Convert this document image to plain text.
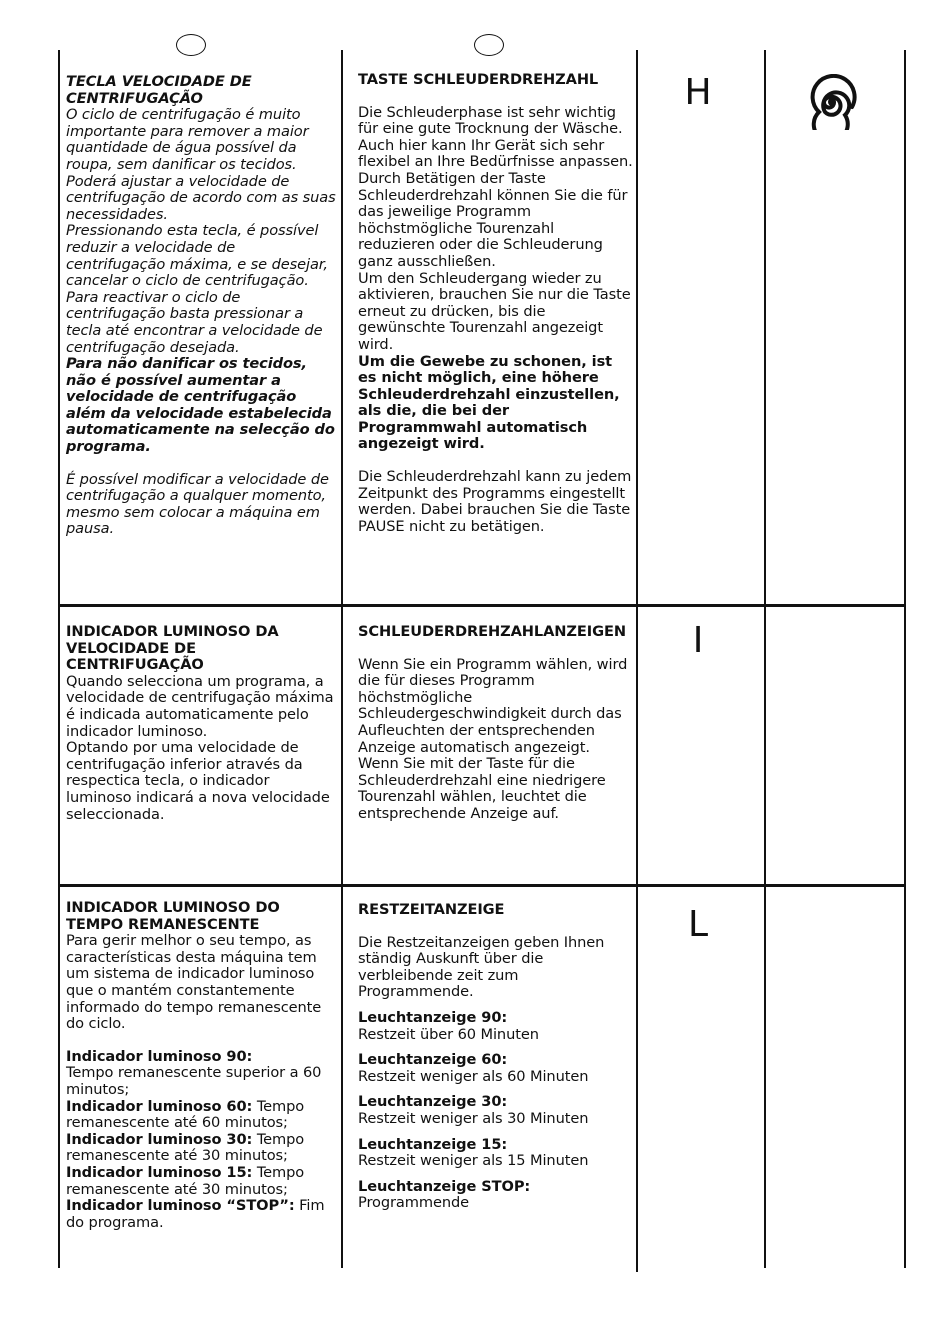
TECLA VELOCIDADE DE CENTRIFUGAÇÃO
O ciclo de centrifugação é muito importante para remover a maior quantidade de água possível da roupa, sem danificar os tecidos. Poderá ajustar a velocidade de centrifugação de acordo com as suas necessidades.
Pressionando esta tecla, é possível reduzir a velocidade de centrifugação máxima, e se desejar, cancelar o ciclo de centrifugação.
Para reactivar o ciclo de centrifugação basta pressionar a tecla até encontrar a velocidade de centrifugação desejada.
Para não danificar os tecidos, não é possível aumentar a velocidade de centrifugação além da velocidade estabelecida automaticamente na selecção do programa.
É possível modificar a velocidade de centrifugação a qualquer momento, mesmo sem colocar a máquina em pausa.
TASTE SCHLEUDERDREHZAHL
Die Schleuderphase ist sehr wichtig für eine gute Trocknung der Wäsche. Auch hier kann Ihr Gerät sich sehr flexibel an Ihre Bedürfnisse anpassen.
Durch Betätigen der Taste Schleuderdrehzahl können Sie die für das jeweilige Programm höchstmögliche Tourenzahl reduzieren oder die Schleuderung ganz ausschließen.
Um den Schleudergang wieder zu aktivieren, brauchen Sie nur die Taste erneut zu drücken, bis die gewünschte Tourenzahl angezeigt wird.
Um die Gewebe zu schonen, ist es nicht möglich, eine höhere Schleuderdrehzahl einzustellen, als die, die bei der Programmwahl automatisch angezeigt wird.
Die Schleuderdrehzahl kann zu jedem Zeitpunkt des Programms eingestellt werden. Dabei brauchen Sie die Taste PAUSE nicht zu betätigen.
H
INDICADOR LUMINOSO DA VELOCIDADE DE CENTRIFUGAÇÃO
Quando selecciona um programa, a velocidade de centrifugação máxima é indicada automaticamente pelo indicador luminoso.
Optando por uma velocidade de centrifugação inferior através da respectica tecla, o indicador luminoso indicará a nova velocidade seleccionada.
SCHLEUDERDREHZAHLANZEIGEN
Wenn Sie ein Programm wählen, wird die für dieses Programm höchstmögliche Schleudergeschwindigkeit durch das Aufleuchten der entsprechenden Anzeige automatisch angezeigt.
Wenn Sie mit der Taste für die Schleuderdrehzahl eine niedrigere Tourenzahl wählen, leuchtet die entsprechende Anzeige auf.
I
INDICADOR LUMINOSO DO TEMPO REMANESCENTE
Para gerir melhor o seu tempo, as características desta máquina tem um sistema de indicador luminoso que o mantém constantemente informado do tempo remanescente do ciclo.
Indicador luminoso 90:
Tempo remanescente superior a 60 minutos;
Indicador luminoso 60: Tempo remanescente até 60 minutos;
Indicador luminoso 30: Tempo remanescente até 30 minutos;
Indicador luminoso 15: Tempo remanescente até 30 minutos;
Indicador luminoso “STOP”: Fim do programa.
RESTZEITANZEIGE
Die Restzeitanzeigen geben Ihnen ständig Auskunft über die verbleibende zeit zum Programmende.
Leuchtanzeige 90:
Restzeit über 60 Minuten
Leuchtanzeige 60:
Restzeit weniger als 60 Minuten
Leuchtanzeige 30:
Restzeit weniger als 30 Minuten
Leuchtanzeige 15:
Restzeit weniger als 15 Minuten
Leuchtanzeige STOP:
Programmende
L
